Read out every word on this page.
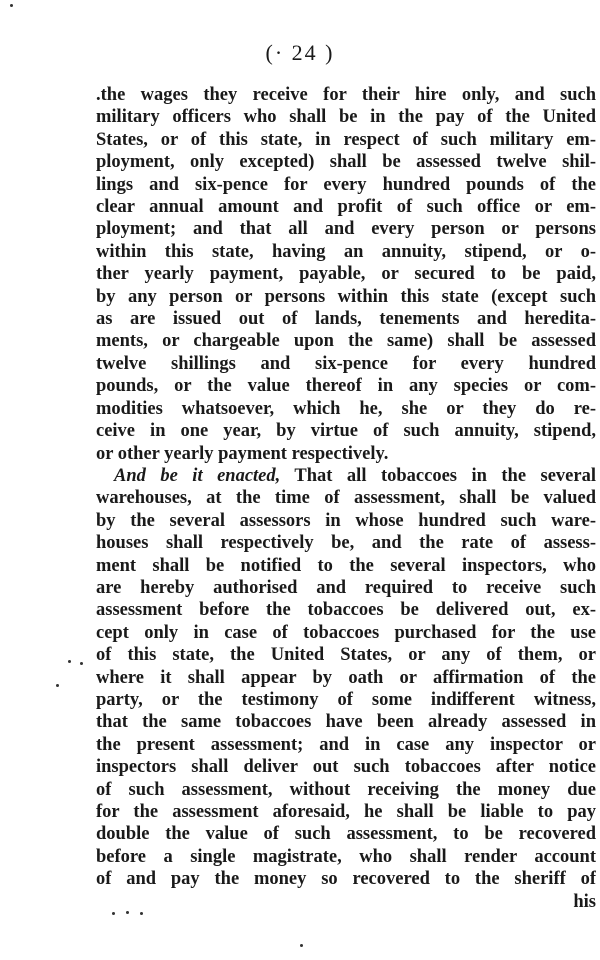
(· 24 )
.the wages they receive for their hire only, and such
military officers who shall be in the pay of the United
States, or of this state, in respect of such military em-
ployment, only excepted) shall be assessed twelve shil-
lings and six-pence for every hundred pounds of the
clear annual amount and profit of such office or em-
ployment; and that all and every person or persons
within this state, having an annuity, stipend, or o-
ther yearly payment, payable, or secured to be paid,
by any person or persons within this state (except such
as are issued out of lands, tenements and heredita-
ments, or chargeable upon the same) shall be assessed
twelve shillings and six-pence for every hundred
pounds, or the value thereof in any species or com-
modities whatsoever, which he, she or they do re-
ceive in one year, by virtue of such annuity, stipend,
or other yearly payment respectively.
And be it enacted, That all tobaccoes in the several
warehouses, at the time of assessment, shall be valued
by the several assessors in whose hundred such ware-
houses shall respectively be, and the rate of assess-
ment shall be notified to the several inspectors, who
are hereby authorised and required to receive such
assessment before the tobaccoes be delivered out, ex-
cept only in case of tobaccoes purchased for the use
of this state, the United States, or any of them, or
where it shall appear by oath or affirmation of the
party, or the testimony of some indifferent witness,
that the same tobaccoes have been already assessed in
the present assessment; and in case any inspector or
inspectors shall deliver out such tobaccoes after notice
of such assessment, without receiving the money due
for the assessment aforesaid, he shall be liable to pay
double the value of such assessment, to be recovered
before a single magistrate, who shall render account
of and pay the money so recovered to the sheriff of
his
